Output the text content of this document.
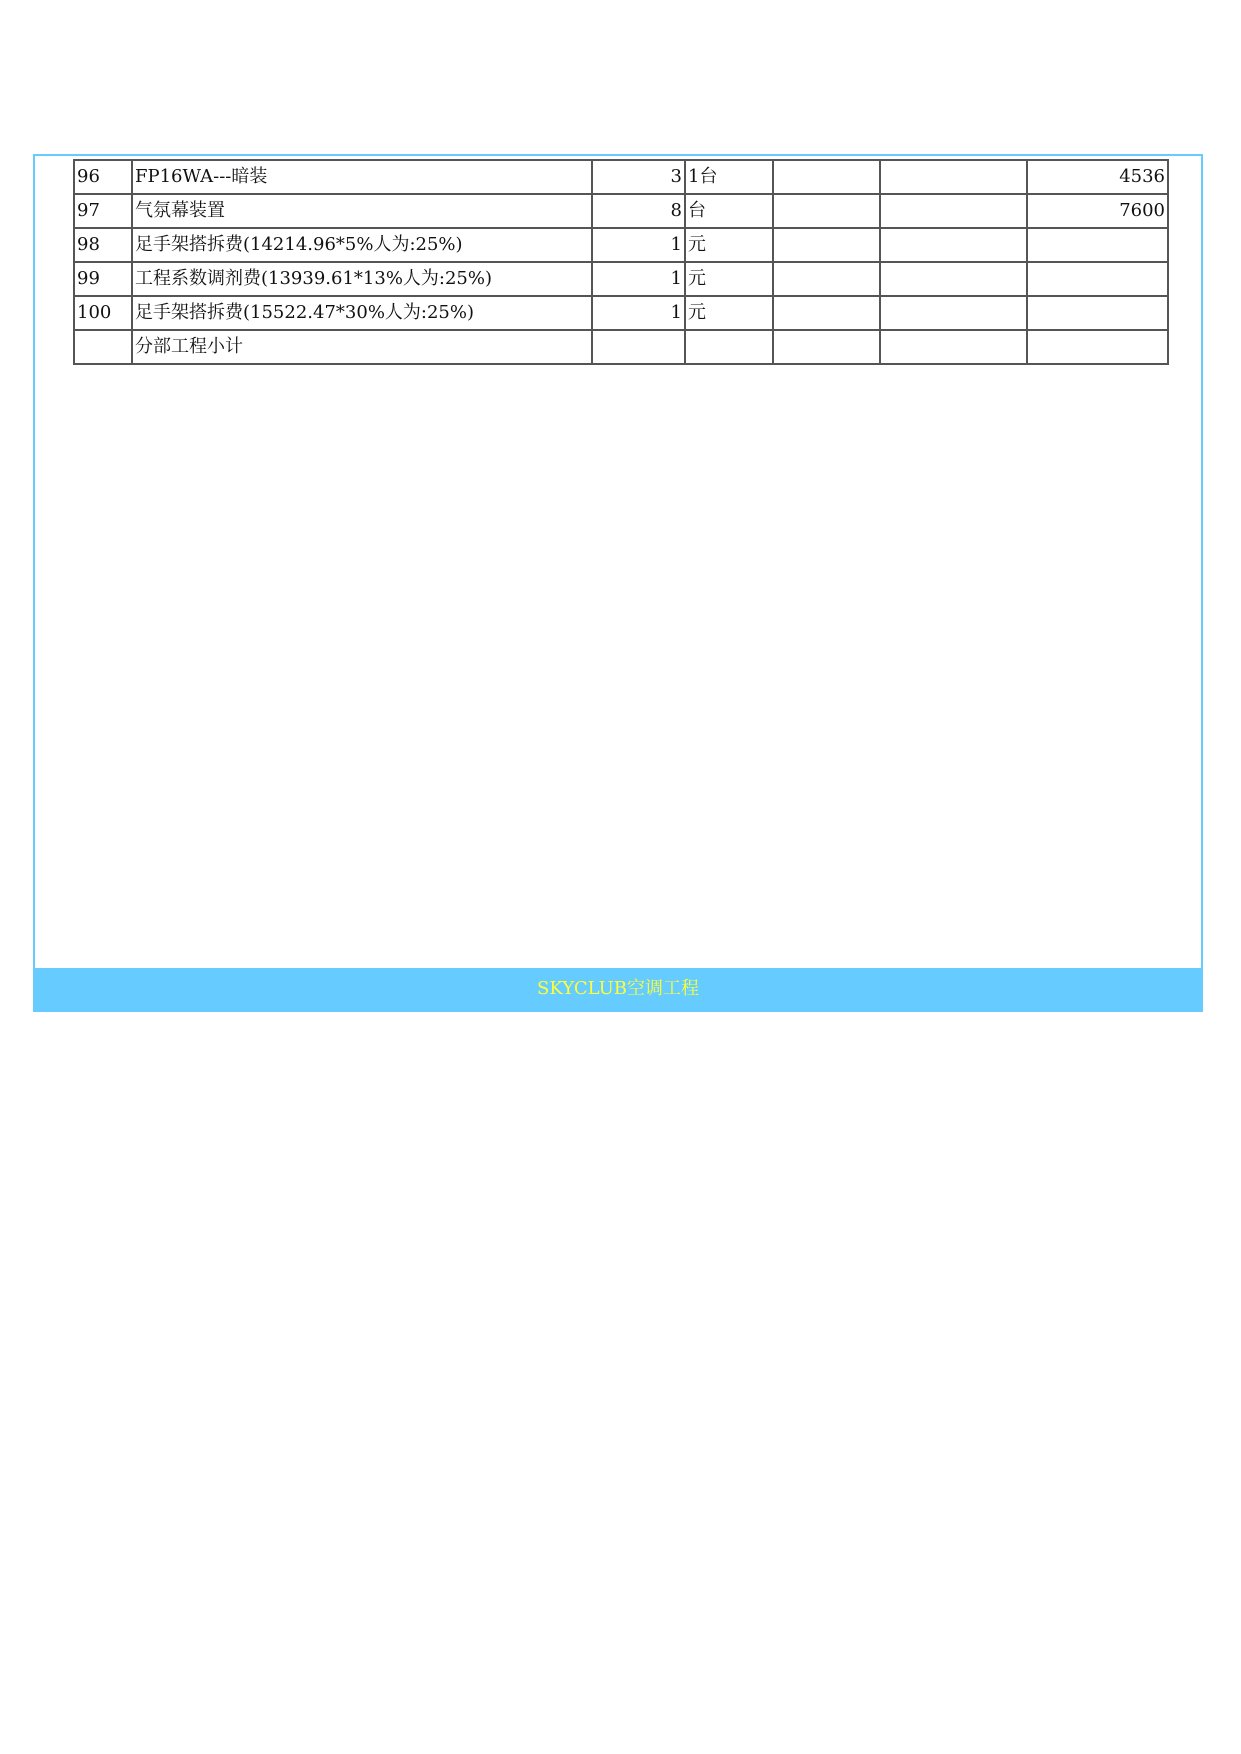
96	FP16WA---暗装	3	1台			4536
97	气氛幕装置	8	台			7600
98	足手架搭拆费(14214.96*5%人为:25%)	1	元			
99	工程系数调剂费(13939.61*13%人为:25%)	1	元			
100	足手架搭拆费(15522.47*30%人为:25%)	1	元			
	分部工程小计					
SKYCLUB空调工程
